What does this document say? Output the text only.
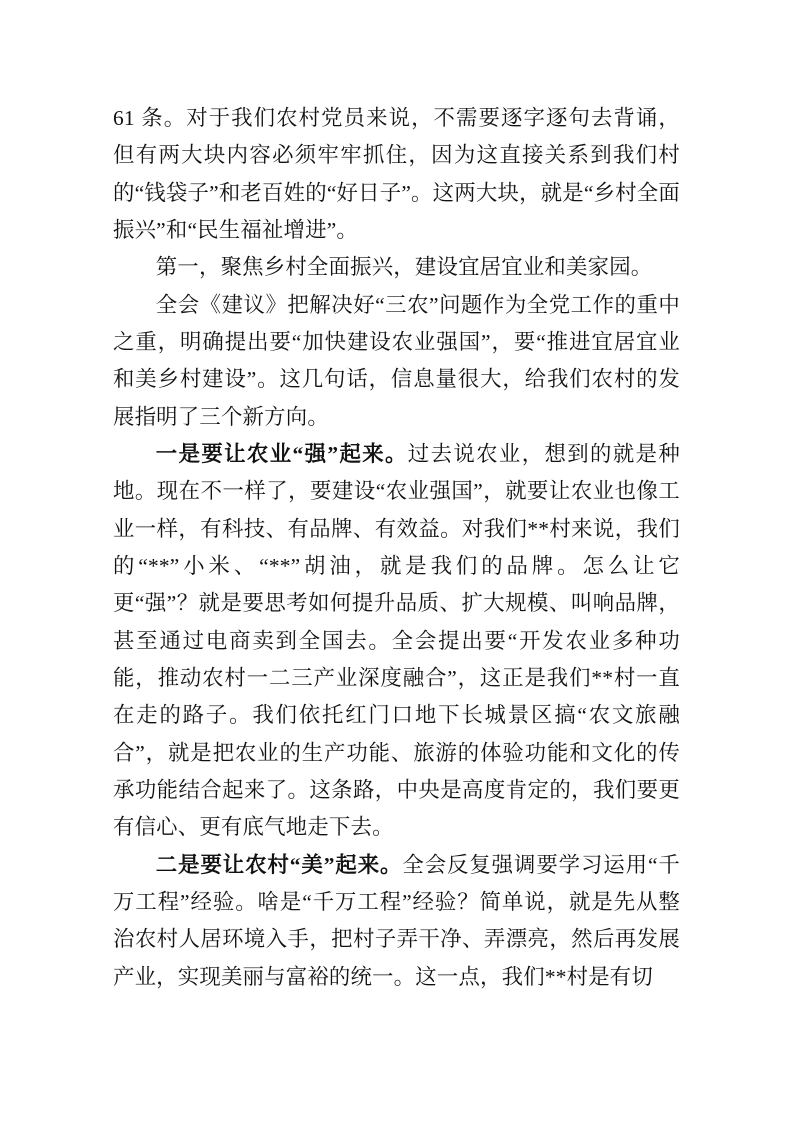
61 条。对于我们农村党员来说，不需要逐字逐句去背诵，但有两大块内容必须牢牢抓住，因为这直接关系到我们村的“钱袋子”和老百姓的“好日子”。这两大块，就是“乡村全面振兴”和“民生福祉增进”。

第一，聚焦乡村全面振兴，建设宜居宜业和美家园。

全会《建议》把解决好“三农”问题作为全党工作的重中之重，明确提出要“加快建设农业强国”，要“推进宜居宜业和美乡村建设”。这几句话，信息量很大，给我们农村的发展指明了三个新方向。

一是要让农业“强”起来。过去说农业，想到的就是种地。现在不一样了，要建设“农业强国”，就要让农业也像工业一样，有科技、有品牌、有效益。对我们**村来说，我们的“**”小米、“**”胡油，就是我们的品牌。怎么让它更“强”？就是要思考如何提升品质、扩大规模、叫响品牌，甚至通过电商卖到全国去。全会提出要“开发农业多种功能，推动农村一二三产业深度融合”，这正是我们**村一直在走的路子。我们依托红门口地下长城景区搞“农文旅融合”，就是把农业的生产功能、旅游的体验功能和文化的传承功能结合起来了。这条路，中央是高度肯定的，我们要更有信心、更有底气地走下去。

二是要让农村“美”起来。全会反复强调要学习运用“千万工程”经验。啥是“千万工程”经验？简单说，就是先从整治农村人居环境入手，把村子弄干净、弄漂亮，然后再发展产业，实现美丽与富裕的统一。这一点，我们**村是有切
